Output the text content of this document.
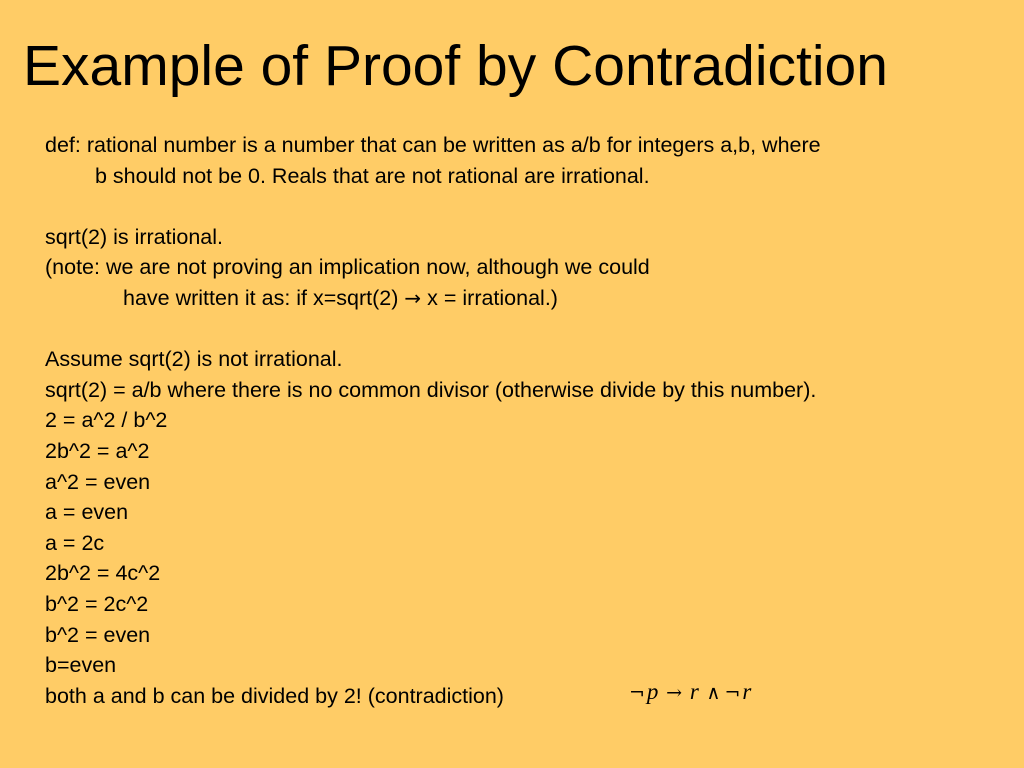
Example of Proof by Contradiction
def: rational number is a number that can be written as a/b for integers a,b, where
b should not be 0. Reals that are not rational are irrational.
sqrt(2) is irrational.
(note: we are not proving an implication now, although we could
have written it as: if x=sqrt(2) → x = irrational.)
Assume sqrt(2) is not irrational.
sqrt(2) = a/b where there is no common divisor (otherwise divide by this number).
2 = a^2 / b^2
2b^2 = a^2
a^2 = even
a = even
a = 2c
2b^2 = 4c^2
b^2 = 2c^2
b^2 = even
b=even
both a and b can be divided by 2! (contradiction)	¬p → r ∧ ¬r
